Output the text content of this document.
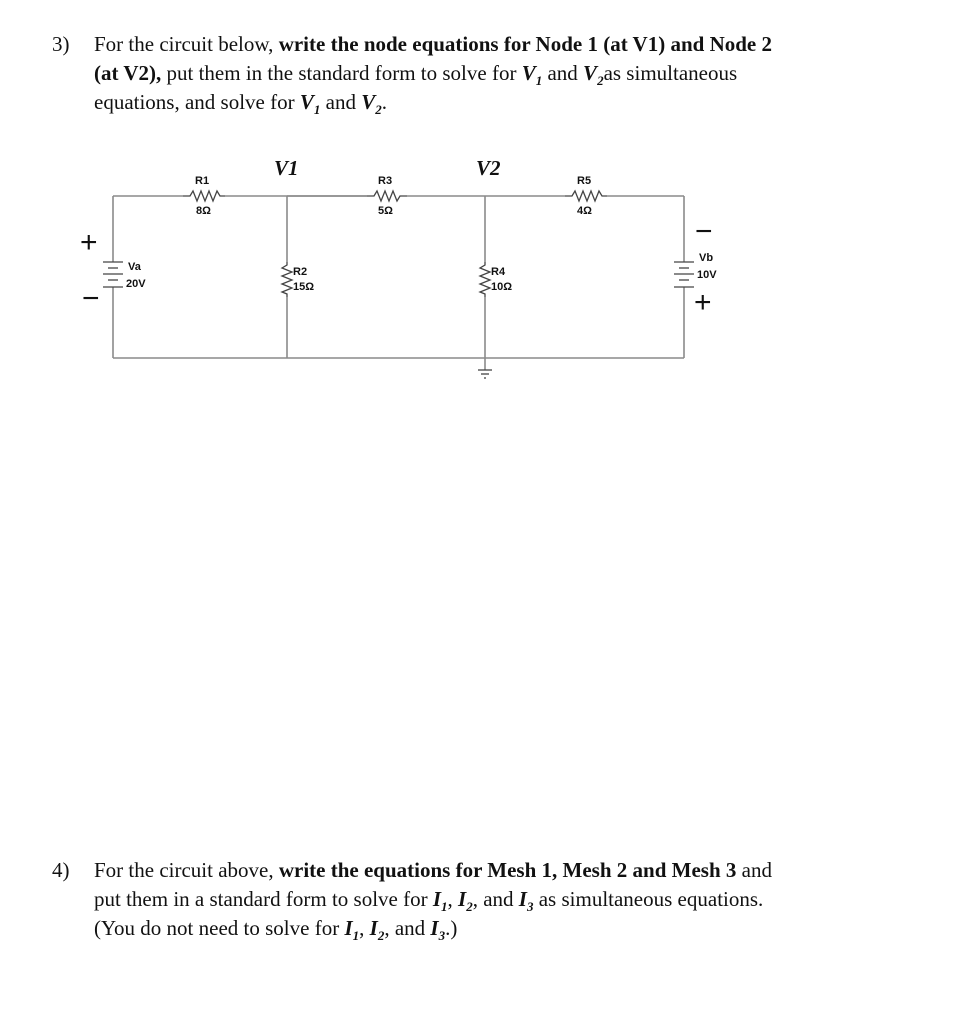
3) For the circuit below, write the node equations for Node 1 (at V1) and Node 2
(at V2), put them in the standard form to solve for $V_1$ and $V_2as$ simultaneous
equations, and solve for $V_1$ and $V_2$.
V1	V2
R1
8Ω
R3
5Ω
R5
4Ω
R2
15Ω
R4
10Ω
Va
20V
Vb
10V
+
−
−
+
4) For the circuit above, write the equations for Mesh 1, Mesh 2 and Mesh 3 and
put them in a standard form to solve for $I_1$, $I_2$, and $I_3$ as simultaneous equations.
(You do not need to solve for $I_1$, $I_2$, and $I_3$.)
